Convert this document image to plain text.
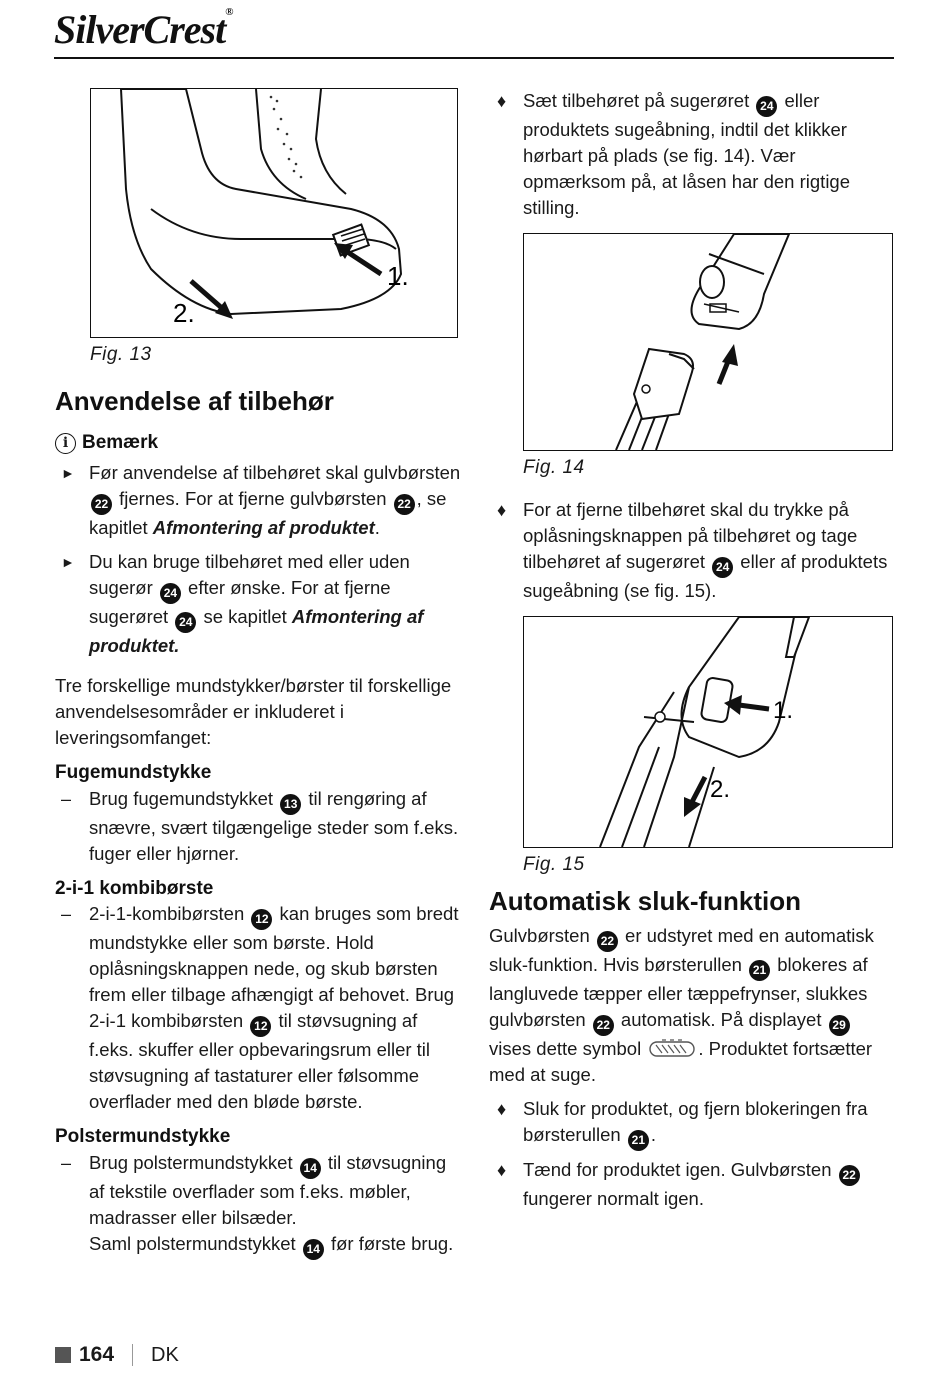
SilverCrest®
1.
2.

Fig. 13

Anvendelse af tilbehør
i Bemærk
► Før anvendelse af tilbehøret skal gulvbørsten 22 fjernes. For at fjerne gulvbørsten 22 , se kapitlet Afmontering af produktet.
► Du kan bruge tilbehøret med eller uden sugerør 24 efter ønske. For at fjerne sugerøret 24 se kapitlet Afmontering af produktet.

Tre forskellige mundstykker/børster til forskellige anvendelsesområder er inkluderet i leveringsomfanget:

Fugemundstykke
– Brug fugemundstykket 13 til rengøring af snævre, svært tilgængelige steder som f.eks. fuger eller hjørner.
2-i-1 kombibørste
– 2-i-1-kombibørsten 12 kan bruges som bredt mundstykke eller som børste. Hold oplåsningsknappen nede, og skub børsten frem eller tilbage afhængigt af behovet. Brug 2-i-1 kombibørsten 12 til støvsugning af f.eks. skuffer eller opbevaringsrum eller til støvsugning af tastaturer eller følsomme overflader med den bløde børste.
Polstermundstykke
– Brug polstermundstykket 14 til støvsugning af tekstile overflader som f.eks. møbler, madrasser eller bilsæder.
Saml polstermundstykket 14 før første brug.
♦ Sæt tilbehøret på sugerøret 24 eller produktets sugeåbning, indtil det klikker hørbart på plads (se fig. 14). Vær opmærksom på, at låsen har den rigtige stilling.

Fig. 14

♦ For at fjerne tilbehøret skal du trykke på oplåsningsknappen på tilbehøret og tage tilbehøret af sugerøret 24 eller af produktets sugeåbning (se fig. 15).
1.
2.

Fig. 15

Automatisk sluk-funktion

Gulvbørsten 22 er udstyret med en automatisk sluk-funktion. Hvis børsterullen 21 blokeres af langluvede tæpper eller tæppefrynser, slukkes gulvbørsten 22 automatisk. På displayet 29 vises dette symbol	. Produktet fortsætter med at suge.

♦ Sluk for produktet, og fjern blokeringen fra børsterullen 21 .
♦ Tænd for produktet igen. Gulvbørsten 22 fungerer normalt igen.
164 DK
